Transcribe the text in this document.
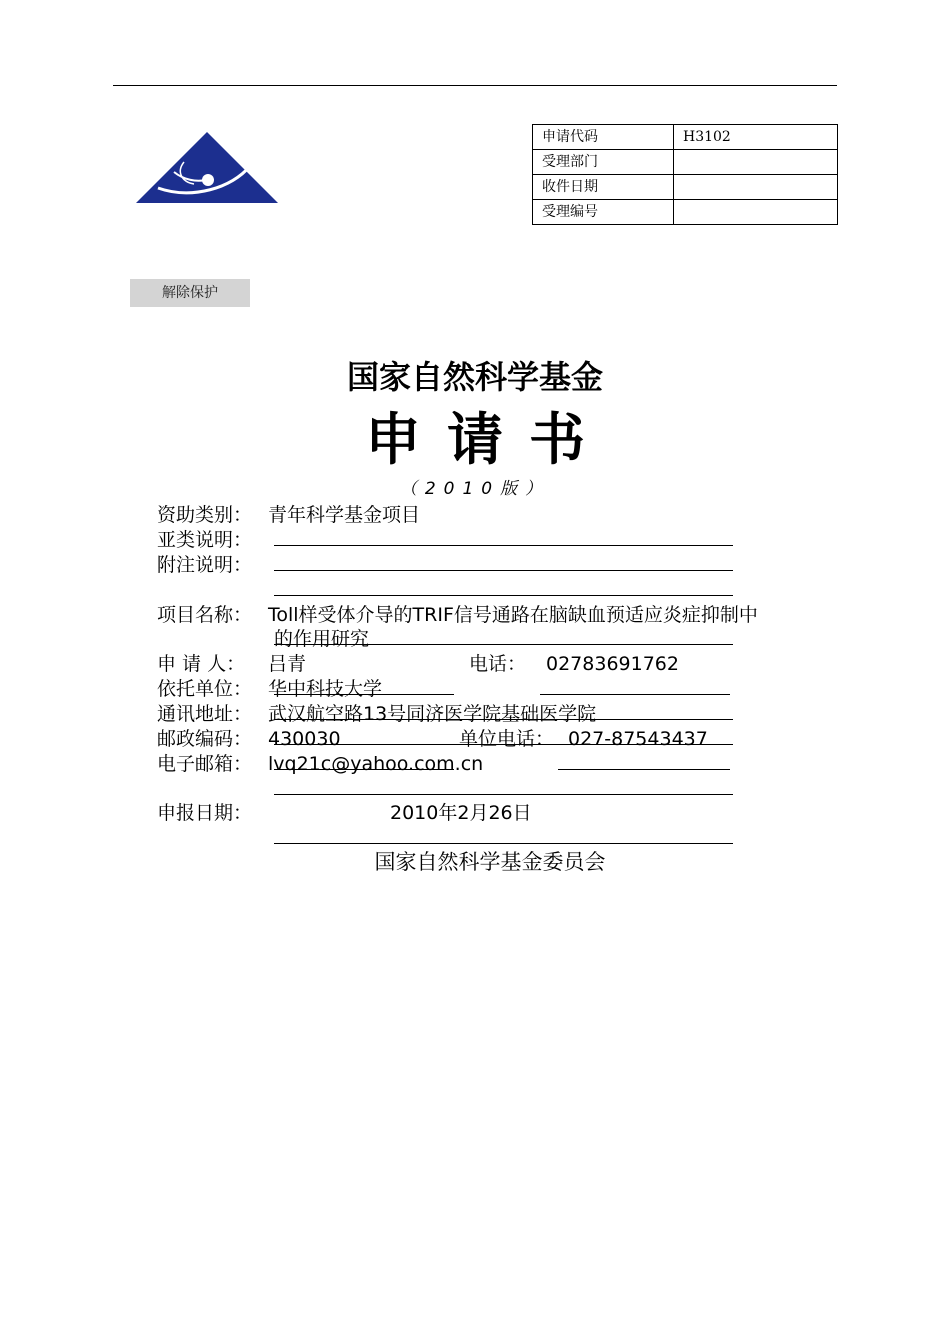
申请代码	H3102
受理部门	
收件日期	
受理编号	
解除保护
国家自然科学基金
申请书
（2010版）
资助类别： 青年科学基金项目
亚类说明：
附注说明：
项目名称： Toll样受体介导的TRIF信号通路在脑缺血预适应炎症抑制中
的作用研究
申 请 人： 吕青	电话： 02783691762
依托单位： 华中科技大学
通讯地址： 武汉航空路13号同济医学院基础医学院
邮政编码： 430030	单位电话： 027-87543437
电子邮箱： lvq21c@yahoo.com.cn
申报日期：	2010年2月26日
国家自然科学基金委员会
